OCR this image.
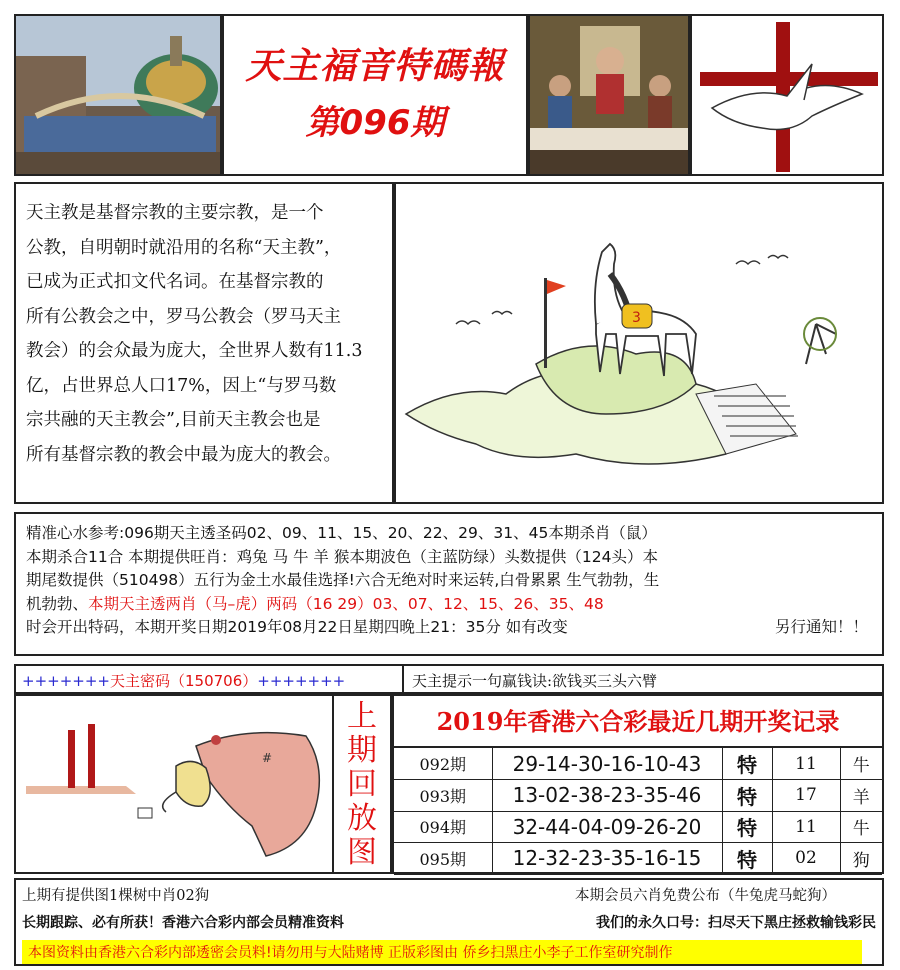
天主福音特碼報
第096期
天主教是基督宗教的主要宗教，是一个
公教，自明朝时就沿用的名称“天主教”，
已成为正式扣文代名词。在基督宗教的
所有公教会之中，罗马公教会（罗马天主
教会）的会众最为庞大，全世界人数有11.3
亿，占世界总人口17%，因上“与罗马数
宗共融的天主教会”,目前天主教会也是
所有基督宗教的教会中最为庞大的教会。
3
精准心水参考:096期天主透圣码02、09、11、15、20、22、29、31、45本期杀肖（鼠）
本期杀合11合 本期提供旺肖：鸡兔 马 牛 羊 猴本期波色（主蓝防绿）头数提供（124头）本
期尾数提供（510498）五行为金土水最佳选择!六合无绝对时来运转,白骨累累 生气勃勃，生
机勃勃、本期天主透两肖（马–虎）两码（16 29）03、07、12、15、26、35、48
时会开出特码，本期开奖日期2019年08月22日星期四晚上21：35分 如有改变	另行通知！！
+++++++天主密码（150706）+++++++	天主提示一句赢钱诀:欲钱买三头六臂
#
上
期
回
放
图
2019年香港六合彩最近几期开奖记录
092期	29-14-30-16-10-43	特	11	牛
093期	13-02-38-23-35-46	特	17	羊
094期	32-44-04-09-26-20	特	11	牛
095期	12-32-23-35-16-15	特	02	狗
上期有提供图1棵树中肖02狗	本期会员六肖免费公布（牛兔虎马蛇狗）
长期跟踪、必有所获！香港六合彩内部会员精准资料	我们的永久口号：扫尽天下黑庄拯救输钱彩民
本图资料由香港六合彩内部透密会员料!请勿用与大陆赌博 正版彩图由 侨乡扫黑庄小李子工作室研究制作
